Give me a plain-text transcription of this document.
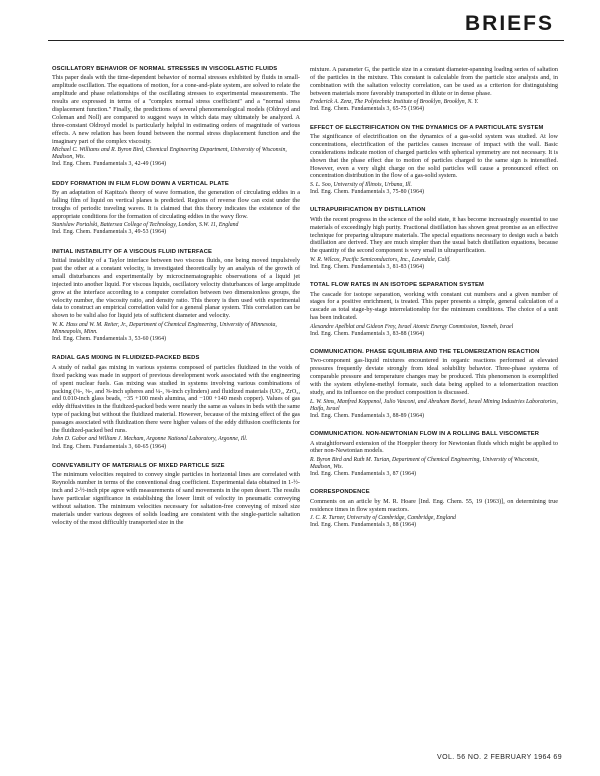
BRIEFS
OSCILLATORY BEHAVIOR OF NORMAL STRESSES IN VISCOELASTIC FLUIDS

This paper deals with the time-dependent behavior of normal stresses exhibited by fluids in small-amplitude oscillation. The equations of motion, for a cone-and-plate system, are solved to relate the amplitude and phase relationships of the oscillating stresses to experimental measurements. The results are expressed in terms of a "complex normal stress coefficient" and a "normal stress displacement function." Finally, the predictions of several phenomenological models (Oldroyd and Coleman and Noll) are compared to suggest ways in which data may ultimately be analyzed. A three-constant Oldroyd model is particularly helpful in estimating orders of magnitude of various effects. A new relation has been found between the normal stress displacement function and the imaginary part of the complex viscosity.

Michael C. Williams and R. Byron Bird, Chemical Engineering Department, University of Wisconsin, Madison, Wis.
Ind. Eng. Chem. Fundamentals 3, 42-49 (1964)
EDDY FORMATION IN FILM FLOW DOWN A VERTICAL PLATE

By an adaptation of Kapitza's theory of wave formation, the generation of circulating eddies in a falling film of liquid on vertical planes is predicted. Regions of reverse flow can exist under the troughs of periodic traveling waves. It is claimed that this theory indicates the existence of the appropriate conditions for the formation of circulating eddies in the wavy flow.

Stanislaw Portalski, Battersea College of Technology, London, S.W. 11, England
Ind. Eng. Chem. Fundamentals 3, 49-53 (1964)
INITIAL INSTABILITY OF A VISCOUS FLUID INTERFACE

Initial instability of a Taylor interface between two viscous fluids, one being moved impulsively past the other at a constant velocity, is investigated theoretically by an analysis of the growth of small disturbances and experimentally by microcinematographic observations of a liquid jet injected into another liquid. For viscous liquids, oscillatory velocity disturbances of large amplitude grow at the interface according to a computer correlation between two dimensionless groups, the velocity number, the viscosity ratio, and density ratio. This theory is then used with experimental data to construct an empirical correlation valid for a general planar system. This correlation can be shown to be valid also for liquid jets of sufficient diameter and velocity.

W. K. Hass and W. M. Reiter, Jr., Department of Chemical Engineering, University of Minnesota, Minneapolis, Minn.
Ind. Eng. Chem. Fundamentals 3, 53-60 (1964)
RADIAL GAS MIXING IN FLUIDIZED-PACKED BEDS

A study of radial gas mixing in various systems composed of particles fluidized in the voids of fixed packing was made in support of previous development work associated with the engineering of spent nuclear fuels. Gas mixing was studied in systems involving various combinations of packing (⅛-, ⅜-, and ⅝-inch spheres and ¼-, ⅜-inch cylinders) and fluidized materials (UO₂, ZrO₂, and 0.010-inch glass beads, −35 +100 mesh alumina, and −100 +140 mesh copper). Values of gas eddy diffusivities in the fluidized-packed beds were nearly the same as values in beds with the same type of packing but without the fluidized material. However, because of the mixing effect of the gas passages associated with fluidization there were higher values of the eddy diffusion coefficients for the fluidized-packed bed runs.

John D. Gabor and William J. Mecham, Argonne National Laboratory, Argonne, Ill.
Ind. Eng. Chem. Fundamentals 3, 60-65 (1964)
CONVEYABILITY OF MATERIALS OF MIXED PARTICLE SIZE

The minimum velocities required to convey single particles in horizontal lines are correlated with Reynolds number in terms of the conventional drag coefficient. Experimental data obtained in 1-½-inch and 2-½-inch pipe agree with measurements of sand movements in the open desert. The results have particular significance in establishing the lower limit of velocity in pneumatic conveying without saltation. The minimum velocities necessary for saltation-free conveying of mixed size materials under various degrees of solids loading are consistent with the single-particle saltation velocity of the most difficultly transported size in the

mixture. A parameter G, the particle size in a constant diameter-spanning loading series of saltation of the particles in the mixture. This constant is calculable from the particle size analysis and, in combination with the saltation velocity correlation, can be used as a criterion for distinguishing between materials more favorably transported in dilute or in dense phase.

Frederick A. Zenz, The Polytechnic Institute of Brooklyn, Brooklyn, N. Y.
Ind. Eng. Chem. Fundamentals 3, 65-75 (1964)
EFFECT OF ELECTRIFICATION ON THE DYNAMICS OF A PARTICULATE SYSTEM

The significance of electrification on the dynamics of a gas-solid system was studied. At low concentrations, electrification of the particles causes increase of impact with the wall. Basic considerations indicate motion of charged particles with spherical symmetry are not necessary. It is shown that the phase effect due to motion of particles charged to the same sign is intensified. However, even a very slight charge on the solid particles will cause a pronounced effect on concentration distribution in the flow of a gas-solid system.

S. L. Soo, University of Illinois, Urbana, Ill.
Ind. Eng. Chem. Fundamentals 3, 75-80 (1964)
ULTRAPURIFICATION BY DISTILLATION

With the recent progress in the science of the solid state, it has become increasingly essential to use materials of exceedingly high purity. Fractional distillation has shown great promise as an effective technique for preparing ultrapure materials. The special equations necessary to design such a batch distillation are derived. They are much simpler than the usual batch distillation equations, because the quantity of the second component is very small in ultrapurification.

W. R. Wilcox, Pacific Semiconductors, Inc., Lawndale, Calif.
Ind. Eng. Chem. Fundamentals 3, 81-83 (1964)
TOTAL FLOW RATES IN AN ISOTOPE SEPARATION SYSTEM

The cascade for isotope separation, working with constant cut numbers and a given number of stages for a positive enrichment, is treated. This paper presents a simple, general calculation of a cascade as total stage-by-stage interrelationship for the minimum conditions. The choice of a unit has been indicated.

Alexandre Apelblat and Gideon Frey, Israel Atomic Energy Commission, Yavneh, Israel
Ind. Eng. Chem. Fundamentals 3, 83-88 (1964)
COMMUNICATION. PHASE EQUILIBRIA AND THE TELOMERIZATION REACTION

Two-component gas-liquid mixtures encountered in organic reactions performed at elevated pressures frequently deviate strongly from ideal solubility behavior. Three-phase systems of comparable pressure and temperature changes may be produced. This phenomenon is exemplified with the system ethylene-methyl formate, such data being applied to a telomerization reaction study, and its influence on the product composition is discussed.

L. W. Sims, Manfred Koppenol, Julio Vasconi, and Abraham Bortel, Israel Mining Industries Laboratories, Haifa, Israel
Ind. Eng. Chem. Fundamentals 3, 88-89 (1964)
COMMUNICATION. NON-NEWTONIAN FLOW IN A ROLLING BALL VISCOMETER

A straightforward extension of the Hoeppler theory for Newtonian fluids which might be applied to other non-Newtonian models.

R. Byron Bird and Ruth M. Turian, Department of Chemical Engineering, University of Wisconsin, Madison, Wis.
Ind. Eng. Chem. Fundamentals 3, 87 (1964)
CORRESPONDENCE

Comments on an article by M. R. Hoare [Ind. Eng. Chem. 55, 19 (1963)], on determining true residence times in flow system reactors.

J. C. R. Turner, University of Cambridge, Cambridge, England
Ind. Eng. Chem. Fundamentals 3, 88 (1964)
VOL. 56 NO. 2 FEBRUARY 1964 69
